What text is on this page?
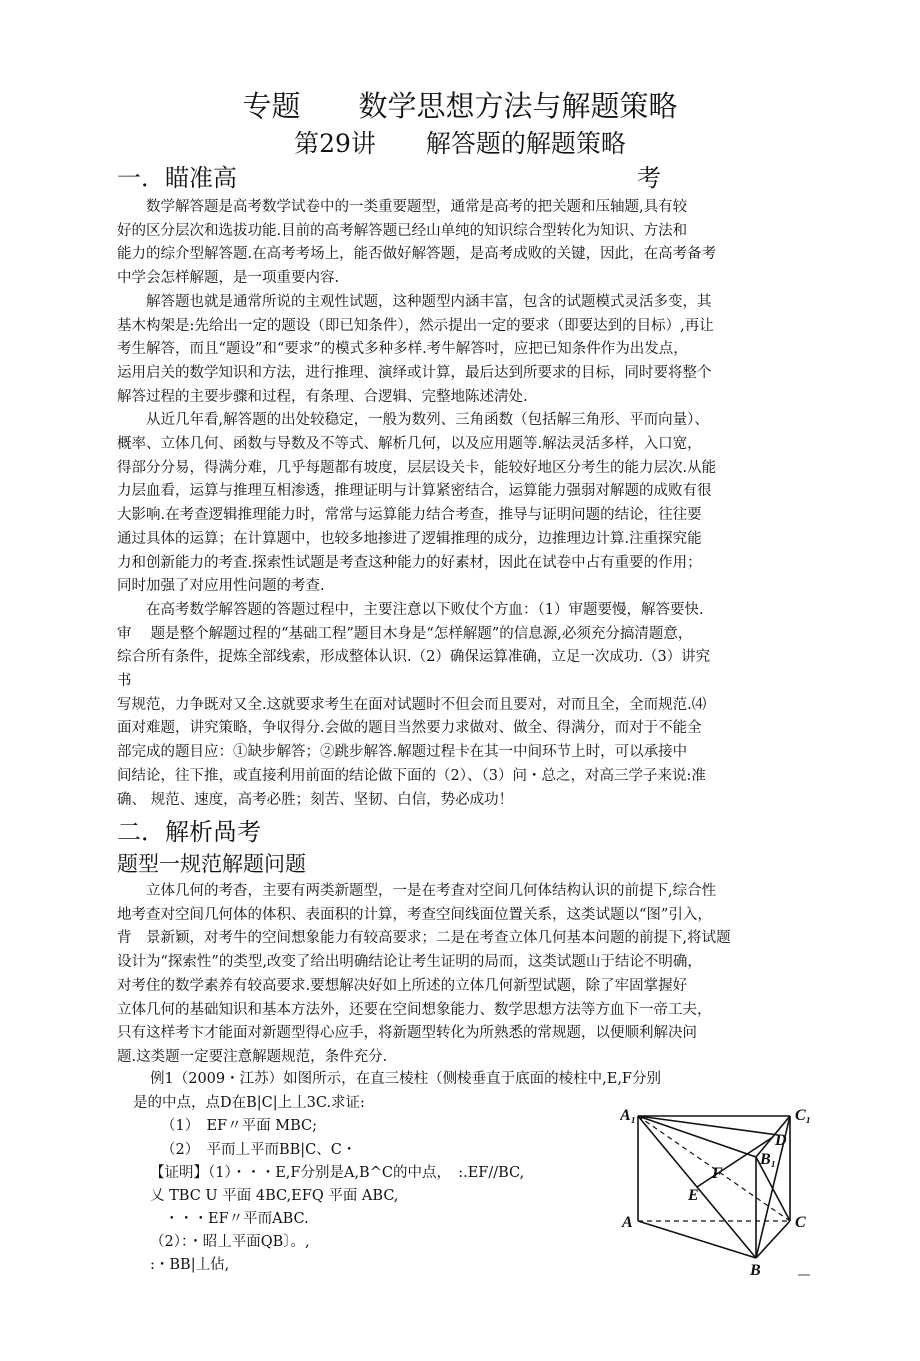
专题　　数学思想方法与解题策略
第29讲　　解答题的解题策略
一．瞄准高	考
　　数学解答题是高考数学试卷中的一类重要题型，通常是高考的把关题和压轴题,具有较
好的区分层次和选拔功能.目前的高考解答题已经山单纯的知识综合型转化为知识、方法和
能力的综介型解答题.在高考考场上，能否做好解答题，是高考成败的关键，因此，在高考备考
中学会怎样解题，是一项重要内容.
　　解答题也就是通常所说的主观性试题，这种题型内涵丰富，包含的试题模式灵活多变，其
基木构架是:先给出一定的题设（即已知条件），然示提出一定的要求（即要达到的目标）,再让
考生解答，而且“题设”和“要求”的模式多种多样.考牛解答吋，应把已知条件作为出发点，
运用启关的数学知识和方法，进行推理、演绎或计算，最后达到所要求的目标，同时要将整个
解答过程的主要步骤和过程，有条理、合逻辑、完整地陈述淸处.
　　从近几年看,解答题的出处较稳定，一般为数列、三角函数（包括解三角形、平而向量）、
概率、立体几何、函数与导数及不等式、解析几何，以及应用题等.解法灵活多样，入口宽，
得部分分易，得满分难，几乎每题都有坡度，层层设关卡，能较好地区分考生的能力层次.从能
力层血看，运算与推理互相渗透，推理证明与计算紧密结合，运算能力强弱对解题的成败有很
大影响.在考查逻辑推理能力时，常常与运算能力结合考查，推导与证明问题的结论，往往要
通过具体的运算；在计算题中，也较多地掺进了逻辑推理的成分，边推理边计算.注重探究能
力和创新能力的考査.探索性试题是考查这种能力的好素材，因此在试卷中占有重要的作用；
同时加强了对应用性问题的考查.
　　在高考数学解答题的答题过程中，主要注意以下败仗个方血：（1）审题要慢，解答要快.
审　 题是整个解题过程的“基础工程”题目木身是“怎样解题”的信息源,必须充分搞清题意，
综合所有条件，捉炼全部线索，形成整体认识.（2）确保运算准确，立足一次成功.（3）讲究
书
写规范，力争既对又全.这就要求考生在面对试题时不但会而且要对，对而且全，全而规范.⑷
面对难题，讲究策略，争収得分.会做的题目当然要力求做对、做全、得满分，而对于不能全
部完成的题目应：①缺步解答；②跳步解答.解题过程卡在其一中间环节上时，可以承接中
间结论，往下推，或直接利用前面的结论做下面的（2）、（3）问・总之，对高三学子来说:准
确、 规范、速度，高考必胜；刻苦、坚韧、白信，势必成功！
二．解析咼考
题型一规范解题问题
　　立体几何的考杳，主要有两类新题型，一是在考査对空间几何体结构认识的前提下,综合性
地考查对空间几何体的体积、表面积的计算，考查空间线面位置关系，这类试题以“图”引入，
背　景新颖，对考牛的空间想象能力有较高要求；二是在考查立体几何基本问题的前提下,将试题
设计为“探索性”的类型,改变了给出明确结论让考生证明的局而，这类试题山于结论不明确，
对考住的数学素养有较高要求.要想解决好如上所述的立体几何新型试题，除了牢固掌握好
立体几何的基础知识和基本方法外，还要在空间想象能力、数学思想方法等方血下一帝工夫，
只有这样考卞才能面对新题型得心应手，将新题型转化为所熟悉的常规题，以便顺利解决问
题.这类题一定要注意解题规范，条件充分.
例1（2009・江苏）如图所示，在直三棱柱（侧棱垂直于底面的棱柱中,E,F分别
是的中点，点D在B|C|上丄3C.求证:
（1）　EF〃平面 MBC;
（2）　平而丄平而BB|C、C・
【证明】（1）・・・E,F分别是A,B^C的中点，　:.EF//BC,
乂 TBC U 平面 4BC,EFQ 平面 ABC,
　・・・EF〃平而ABC.
（2）：・昭丄平面QB〕。,
:・BB|丄佔,
A₁	C₁
D
F
B₁
E
A	C
B
